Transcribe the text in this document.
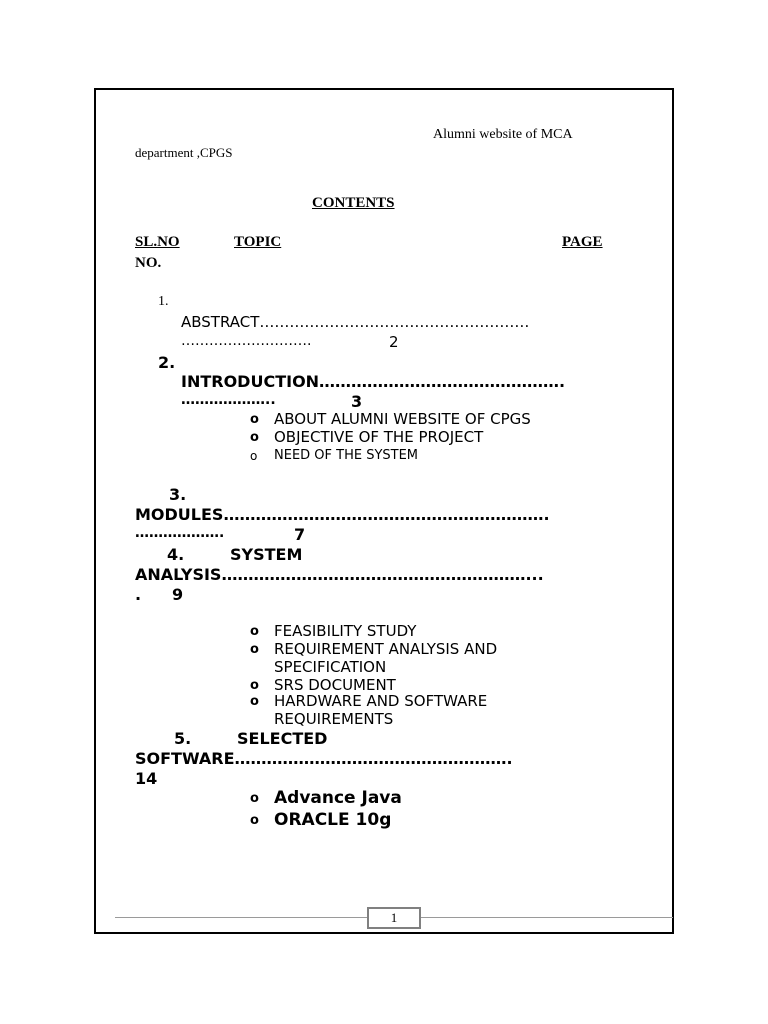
Alumni website of MCA
department ,CPGS
CONTENTS
SL.NO	TOPIC	PAGE
NO.
1.
ABSTRACT………………………………………………
……………………….	2
2.
INTRODUCTION……………………………………….
………………..	3
o ABOUT ALUMNI WEBSITE OF CPGS
o OBJECTIVE OF THE PROJECT
o NEED OF THE SYSTEM
3.
MODULES…………………………………………………….
……………….	7
4.	SYSTEM
ANALYSIS…………………………………………………...
. 9
o FEASIBILITY STUDY
o REQUIREMENT ANALYSIS AND
SPECIFICATION
o SRS DOCUMENT
o HARDWARE AND SOFTWARE
REQUIREMENTS
5.	SELECTED
SOFTWARE…………………………………………….
14
o Advance Java
o ORACLE 10g
1
